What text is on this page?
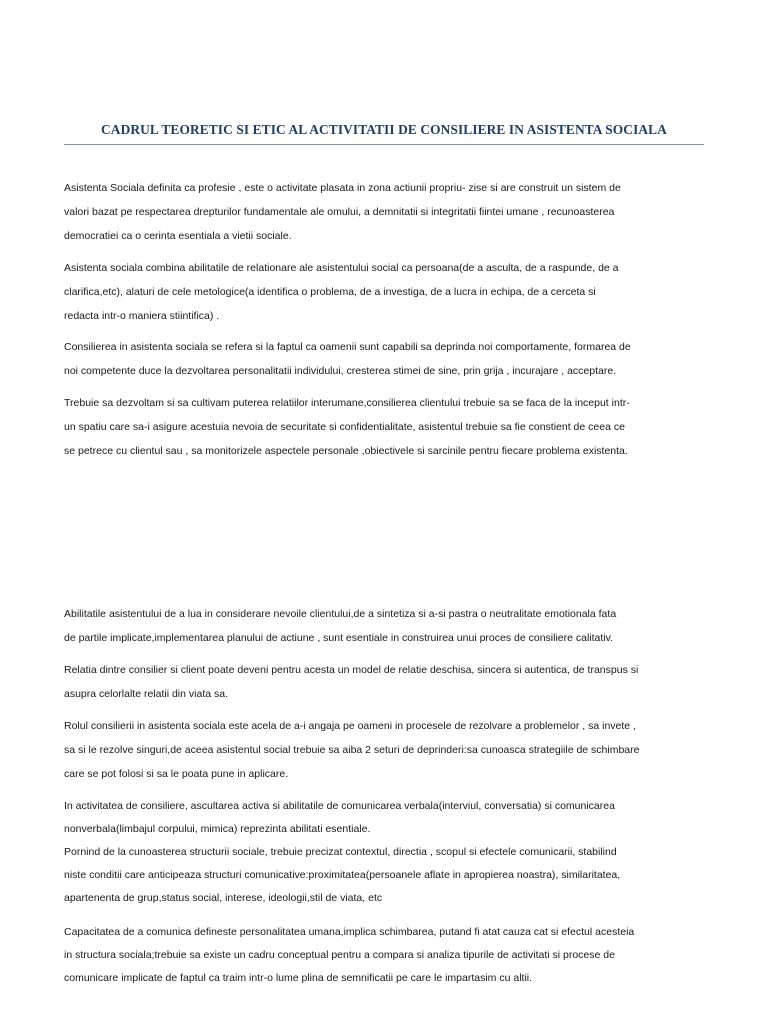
CADRUL TEORETIC SI ETIC AL ACTIVITATII DE CONSILIERE IN ASISTENTA SOCIALA

Asistenta Sociala definita ca profesie , este o activitate plasata in zona actiunii propriu- zise si are construit un sistem de
valori bazat pe respectarea drepturilor fundamentale ale omului, a demnitatii si integritatii fiintei umane , recunoasterea
democratiei ca o cerinta esentiala a vietii sociale.

Asistenta sociala combina abilitatile de relationare ale asistentului social ca persoana(de a asculta, de a raspunde, de a
clarifica,etc), alaturi de cele metologice(a identifica o problema, de a investiga, de a lucra in echipa, de a cerceta si
redacta intr-o maniera stiintifica) .

Consilierea in asistenta sociala se refera si la faptul ca oamenii sunt capabili sa deprinda noi comportamente, formarea de
noi competente duce la dezvoltarea personalitatii individului, cresterea stimei de sine, prin grija , incurajare , acceptare.

Trebuie sa dezvoltam si sa cultivam puterea relatiilor interumane,consilierea clientului trebuie sa se faca de la inceput intr-
un spatiu care sa-i asigure acestuia nevoia de securitate si confidentialitate, asistentul trebuie sa fie constient de ceea ce
se petrece cu clientul sau , sa monitorizele aspectele personale ,obiectivele si sarcinile pentru fiecare problema existenta.

Abilitatile asistentului de a lua in considerare nevoile clientului,de a sintetiza si a-si pastra o neutralitate emotionala fata
de partile implicate,implementarea planului de actiune , sunt esentiale in construirea unui proces de consiliere calitativ.

Relatia dintre consilier si client poate deveni pentru acesta un model de relatie deschisa, sincera si autentica, de transpus si
asupra celorlalte relatii din viata sa.

Rolul consilierii in asistenta sociala este acela de a-i angaja pe oameni in procesele de rezolvare a problemelor , sa invete ,
sa si le rezolve singuri,de aceea asistentul social trebuie sa aiba 2 seturi de deprinderi:sa cunoasca strategiile de schimbare
care se pot folosi si sa le poata pune in aplicare.

In activitatea de consiliere, ascultarea activa si abilitatile de comunicarea verbala(interviul, conversatia) si comunicarea
nonverbala(limbajul corpului, mimica) reprezinta abilitati esentiale.
Pornind de la cunoasterea structurii sociale, trebuie precizat contextul, directia , scopul si efectele comunicarii, stabilind
niste conditii care anticipeaza structuri comunicative:proximitatea(persoanele aflate in apropierea noastra), similaritatea,
apartenenta de grup,status social, interese, ideologii,stil de viata, etc

Capacitatea de a comunica defineste personalitatea umana,implica schimbarea, putand fi atat cauza cat si efectul acesteia
in structura sociala;trebuie sa existe un cadru conceptual pentru a compara si analiza tipurile de activitati si procese de
comunicare implicate de faptul ca traim intr-o lume plina de semnificatii pe care le impartasim cu altii.
